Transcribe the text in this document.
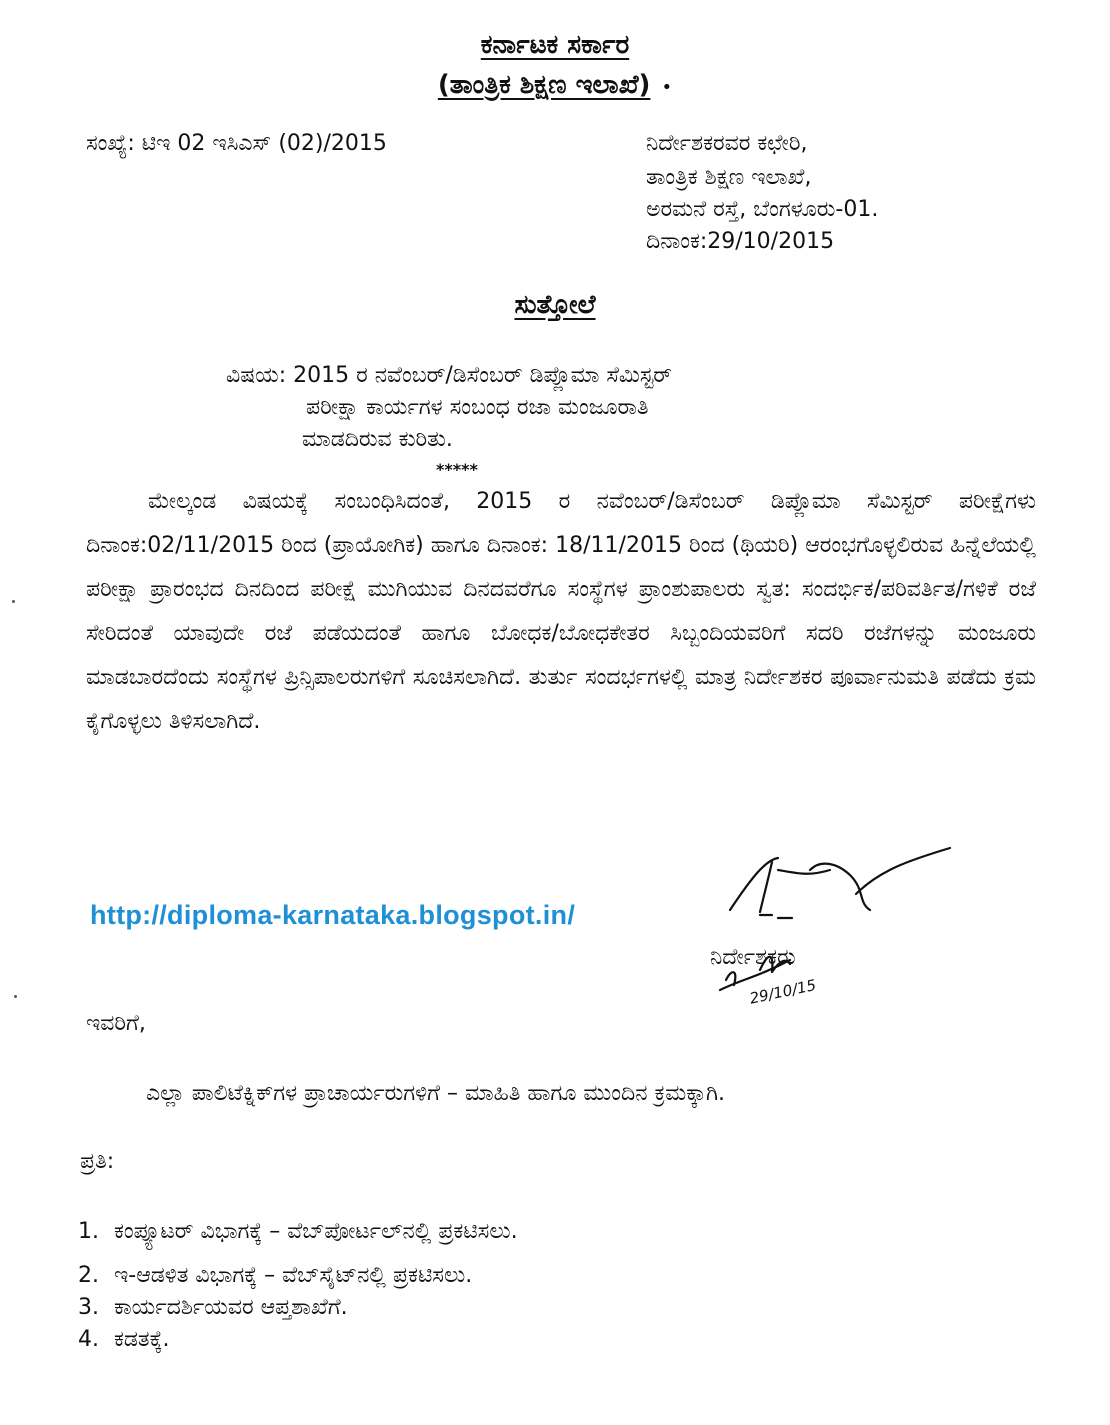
ಕರ್ನಾಟಕ ಸರ್ಕಾರ
(ತಾಂತ್ರಿಕ ಶಿಕ್ಷಣ ಇಲಾಖೆ) •
ಸಂಖ್ಯೆ: ಟಿಇ 02 ಇಸಿಎಸ್ (02)/2015	ನಿರ್ದೇಶಕರವರ ಕಛೇರಿ,
ತಾಂತ್ರಿಕ ಶಿಕ್ಷಣ ಇಲಾಖೆ,
ಅರಮನೆ ರಸ್ತೆ, ಬೆಂಗಳೂರು-01.
ದಿನಾಂಕ:29/10/2015
ಸುತ್ತೋಲೆ
ವಿಷಯ: 2015 ರ ನವೆಂಬರ್/ಡಿಸೆಂಬರ್ ಡಿಪ್ಲೊಮಾ ಸೆಮಿಸ್ಟರ್
ಪರೀಕ್ಷಾ ಕಾರ್ಯಗಳ ಸಂಬಂಧ ರಜಾ ಮಂಜೂರಾತಿ
ಮಾಡದಿರುವ ಕುರಿತು.
*****
ಮೇಲ್ಕಂಡ ವಿಷಯಕ್ಕೆ ಸಂಬಂಧಿಸಿದಂತೆ, 2015 ರ ನವೆಂಬರ್/ಡಿಸೆಂಬರ್ ಡಿಪ್ಲೊಮಾ ಸೆಮಿಸ್ಟರ್ ಪರೀಕ್ಷೆಗಳು ದಿನಾಂಕ:02/11/2015 ರಿಂದ (ಪ್ರಾಯೋಗಿಕ) ಹಾಗೂ ದಿನಾಂಕ: 18/11/2015 ರಿಂದ (ಥಿಯರಿ) ಆರಂಭಗೊಳ್ಳಲಿರುವ ಹಿನ್ನೆಲೆಯಲ್ಲಿ ಪರೀಕ್ಷಾ ಪ್ರಾರಂಭದ ದಿನದಿಂದ ಪರೀಕ್ಷೆ ಮುಗಿಯುವ ದಿನದವರೆಗೂ ಸಂಸ್ಥೆಗಳ ಪ್ರಾಂಶುಪಾಲರು ಸ್ವತ: ಸಂದರ್ಭಿಕ/ಪರಿವರ್ತಿತ/ಗಳಿಕೆ ರಜೆ ಸೇರಿದಂತೆ ಯಾವುದೇ ರಜೆ ಪಡೆಯದಂತೆ ಹಾಗೂ ಬೋಧಕ/ಬೋಧಕೇತರ ಸಿಬ್ಬಂದಿಯವರಿಗೆ ಸದರಿ ರಜೆಗಳನ್ನು ಮಂಜೂರು ಮಾಡಬಾರದೆಂದು ಸಂಸ್ಥೆಗಳ ಪ್ರಿನ್ಸಿಪಾಲರುಗಳಿಗೆ ಸೂಚಿಸಲಾಗಿದೆ. ತುರ್ತು ಸಂದರ್ಭಗಳಲ್ಲಿ ಮಾತ್ರ ನಿರ್ದೇಶಕರ ಪೂರ್ವಾನುಮತಿ ಪಡೆದು ಕ್ರಮ ಕೈಗೊಳ್ಳಲು ತಿಳಿಸಲಾಗಿದೆ.
http://diploma-karnataka.blogspot.in/
ನಿರ್ದೇಶಕರು
29/10/15
ಇವರಿಗೆ,
ಎಲ್ಲಾ ಪಾಲಿಟೆಕ್ನಿಕ್‌ಗಳ ಪ್ರಾಚಾರ್ಯರುಗಳಿಗೆ – ಮಾಹಿತಿ ಹಾಗೂ ಮುಂದಿನ ಕ್ರಮಕ್ಕಾಗಿ.
ಪ್ರತಿ:
1. ಕಂಪ್ಯೂಟರ್ ವಿಭಾಗಕ್ಕೆ – ವೆಬ್‌ಪೋರ್ಟಲ್‌ನಲ್ಲಿ ಪ್ರಕಟಿಸಲು.
2. ಇ-ಆಡಳಿತ ವಿಭಾಗಕ್ಕೆ – ವೆಬ್‌ಸೈಟ್‌ನಲ್ಲಿ ಪ್ರಕಟಿಸಲು.
3. ಕಾರ್ಯದರ್ಶಿಯವರ ಆಪ್ತಶಾಖೆಗೆ.
4. ಕಡತಕ್ಕೆ.
